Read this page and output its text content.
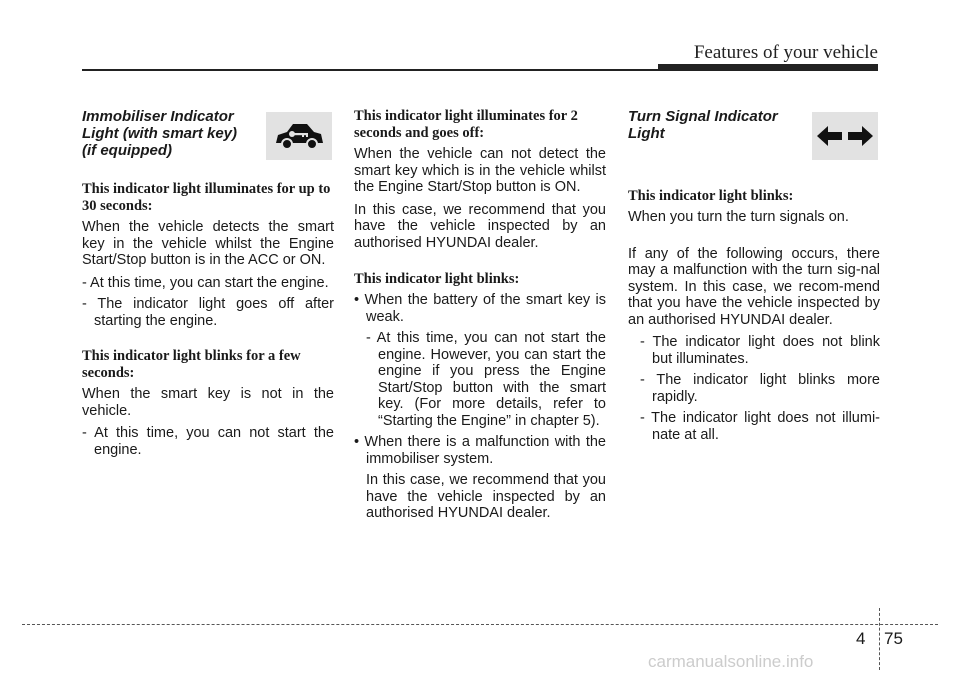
Features of your vehicle
Immobiliser Indicator
Light (with smart key)
(if equipped)

This indicator light illuminates for up to 30 seconds:

When the vehicle detects the smart key in the vehicle whilst the Engine Start/Stop button is in the ACC or ON.

- At this time, you can start the engine.

- The indicator light goes off after starting the engine.

This indicator light blinks for a few seconds:

When the smart key is not in the vehicle.

- At this time, you can not start the engine.

This indicator light illuminates for 2 seconds and goes off:

When the vehicle can not detect the smart key which is in the vehicle whilst the Engine Start/Stop button is ON.

In this case, we recommend that you have the vehicle inspected by an authorised HYUNDAI dealer.

This indicator light blinks:

• When the battery of the smart key is weak.

- At this time, you can not start the engine. However, you can start the engine if you press the Engine Start/Stop button with the smart key. (For more details, refer to “Starting the Engine” in chapter 5).

• When there is a malfunction with the immobiliser system.

In this case, we recommend that you have the vehicle inspected by an authorised HYUNDAI dealer.

Turn Signal Indicator
Light

This indicator light blinks:

When you turn the turn signals on.

If any of the following occurs, there may a malfunction with the turn sig-nal system. In this case, we recom-mend that you have the vehicle inspected by an authorised HYUNDAI dealer.

- The indicator light does not blink but illuminates.

- The indicator light blinks more rapidly.

- The indicator light does not illumi-nate at all.

4 75
carmanualsonline.info
